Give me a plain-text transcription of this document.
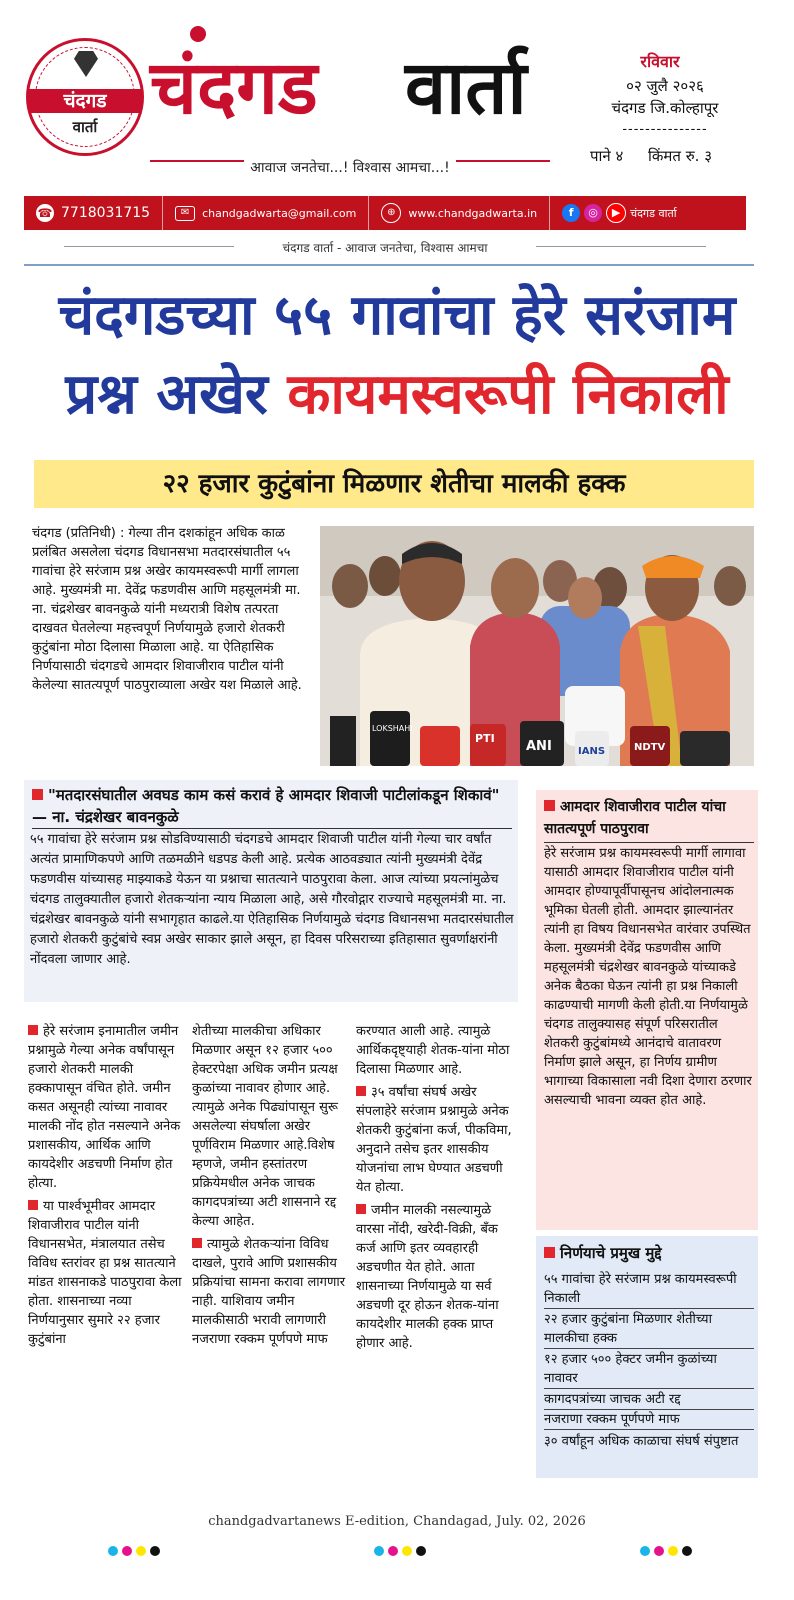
चंदगड
वार्ता चंदगड वार्ता
आवाज जनतेचा...! विश्वास आमचा...!
रविवार
०२ जुलै २०२६
चंदगड जि.कोल्हापूर
---------------
पाने ४ किंमत रु. ३
☎ 7718031715	✉	chandgadwarta@gmail.com	⊕	www.chandgadwarta.in	f	◎	▶ चंदगड वार्ता
चंदगड वार्ता - आवाज जनतेचा, विश्वास आमचा
चंदगडच्या ५५ गावांचा हेरे सरंजाम
प्रश्न अखेर कायमस्वरूपी निकाली
२२ हजार कुटुंबांना मिळणार शेतीचा मालकी हक्क
चंदगड (प्रतिनिधी) : गेल्या तीन दशकांहून अधिक काळ प्रलंबित असलेला चंदगड विधानसभा मतदारसंघातील ५५ गावांचा हेरे सरंजाम प्रश्न अखेर कायमस्वरूपी मार्गी लागला आहे. मुख्यमंत्री मा. देवेंद्र फडणवीस आणि महसूलमंत्री मा. ना. चंद्रशेखर बावनकुळे यांनी मध्यरात्री विशेष तत्परता दाखवत घेतलेल्या महत्त्वपूर्ण निर्णयामुळे हजारो शेतकरी कुटुंबांना मोठा दिलासा मिळाला आहे. या ऐतिहासिक निर्णयासाठी चंदगडचे आमदार शिवाजीराव पाटील यांनी केलेल्या सातत्यपूर्ण पाठपुराव्याला अखेर यश मिळाले आहे.
LOKSHAHI
PTI
ANI	IANS	NDTV
"मतदारसंघातील अवघड काम कसं करावं हे आमदार शिवाजी पाटीलांकडून शिकावं" — ना. चंद्रशेखर बावनकुळे
५५ गावांचा हेरे सरंजाम प्रश्न सोडविण्यासाठी चंदगडचे आमदार शिवाजी पाटील यांनी गेल्या चार वर्षांत अत्यंत प्रामाणिकपणे आणि तळमळीने धडपड केली आहे. प्रत्येक आठवड्यात त्यांनी मुख्यमंत्री देवेंद्र फडणवीस यांच्यासह माझ्याकडे येऊन या प्रश्नाचा सातत्याने पाठपुरावा केला. आज त्यांच्या प्रयत्नांमुळेच चंदगड तालुक्यातील हजारो शेतकऱ्यांना न्याय मिळाला आहे, असे गौरवोद्गार राज्याचे महसूलमंत्री मा. ना. चंद्रशेखर बावनकुळे यांनी सभागृहात काढले.या ऐतिहासिक निर्णयामुळे चंदगड विधानसभा मतदारसंघातील हजारो शेतकरी कुटुंबांचे स्वप्न अखेर साकार झाले असून, हा दिवस परिसराच्या इतिहासात सुवर्णाक्षरांनी नोंदवला जाणार आहे.

हेरे सरंजाम इनामातील जमीन प्रश्नामुळे गेल्या अनेक वर्षांपासून हजारो शेतकरी मालकी हक्कापासून वंचित होते. जमीन कसत असूनही त्यांच्या नावावर मालकी नोंद होत नसल्याने अनेक प्रशासकीय, आर्थिक आणि कायदेशीर अडचणी निर्माण होत होत्या.

या पार्श्वभूमीवर आमदार शिवाजीराव पाटील यांनी विधानसभेत, मंत्रालयात तसेच विविध स्तरांवर हा प्रश्न सातत्याने मांडत शासनाकडे पाठपुरावा केला होता. शासनाच्या नव्या निर्णयानुसार सुमारे २२ हजार कुटुंबांना

शेतीच्या मालकीचा अधिकार मिळणार असून १२ हजार ५०० हेक्टरपेक्षा अधिक जमीन प्रत्यक्ष कुळांच्या नावावर होणार आहे. त्यामुळे अनेक पिढ्यांपासून सुरू असलेल्या संघर्षाला अखेर पूर्णविराम मिळणार आहे.विशेष म्हणजे, जमीन हस्तांतरण प्रक्रियेमधील अनेक जाचक कागदपत्रांच्या अटी शासनाने रद्द केल्या आहेत.

त्यामुळे शेतकऱ्यांना विविध दाखले, पुरावे आणि प्रशासकीय प्रक्रियांचा सामना करावा लागणार नाही. याशिवाय जमीन मालकीसाठी भरावी लागणारी नजराणा रक्कम पूर्णपणे माफ

करण्यात आली आहे. त्यामुळे आर्थिकदृष्ट्याही शेतक-यांना मोठा दिलासा मिळणार आहे.

३५ वर्षांचा संघर्ष अखेर संपलाहेरे सरंजाम प्रश्नामुळे अनेक शेतकरी कुटुंबांना कर्ज, पीकविमा, अनुदाने तसेच इतर शासकीय योजनांचा लाभ घेण्यात अडचणी येत होत्या.

जमीन मालकी नसल्यामुळे वारसा नोंदी, खरेदी-विक्री, बँक कर्ज आणि इतर व्यवहारही अडचणीत येत होते. आता शासनाच्या निर्णयामुळे या सर्व अडचणी दूर होऊन शेतक-यांना कायदेशीर मालकी हक्क प्राप्त होणार आहे.

आमदार शिवाजीराव पाटील यांचा सातत्यपूर्ण पाठपुरावा
हेरे सरंजाम प्रश्न कायमस्वरूपी मार्गी लागावा यासाठी आमदार शिवाजीराव पाटील यांनी आमदार होण्यापूर्वीपासूनच आंदोलनात्मक भूमिका घेतली होती. आमदार झाल्यानंतर त्यांनी हा विषय विधानसभेत वारंवार उपस्थित केला. मुख्यमंत्री देवेंद्र फडणवीस आणि महसूलमंत्री चंद्रशेखर बावनकुळे यांच्याकडे अनेक बैठका घेऊन त्यांनी हा प्रश्न निकाली काढण्याची मागणी केली होती.या निर्णयामुळे चंदगड तालुक्यासह संपूर्ण परिसरातील शेतकरी कुटुंबांमध्ये आनंदाचे वातावरण निर्माण झाले असून, हा निर्णय ग्रामीण भागाच्या विकासाला नवी दिशा देणारा ठरणार असल्याची भावना व्यक्त होत आहे.
निर्णयाचे प्रमुख मुद्दे
५५ गावांचा हेरे सरंजाम प्रश्न कायमस्वरूपी निकाली
२२ हजार कुटुंबांना मिळणार शेतीच्या मालकीचा हक्क
१२ हजार ५०० हेक्टर जमीन कुळांच्या नावावर
कागदपत्रांच्या जाचक अटी रद्द
नजराणा रक्कम पूर्णपणे माफ
३० वर्षांहून अधिक काळाचा संघर्ष संपुष्टात
chandgadvartanews E-edition, Chandagad, July. 02, 2026
